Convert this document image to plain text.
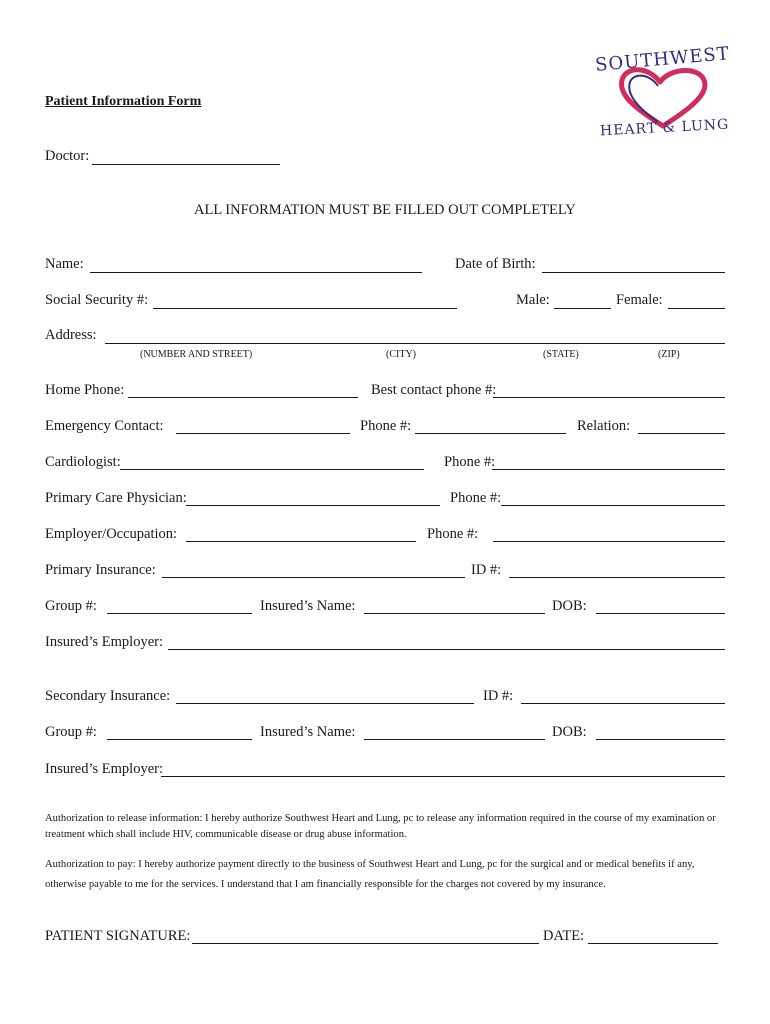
SOUTHWEST
HEART & LUNG
Patient Information Form
Doctor:
ALL INFORMATION MUST BE FILLED OUT COMPLETELY
Name:	Date of Birth:
Social Security #:	Male:	Female:
Address:
(NUMBER AND STREET)	(CITY)	(STATE)	(ZIP)
Home Phone:	Best contact phone #:
Emergency Contact:	Phone #:	Relation:
Cardiologist:	Phone #:
Primary Care Physician:	Phone #:
Employer/Occupation:	Phone #:
Primary Insurance:	ID #:
Group #:	Insured’s Name:	DOB:
Insured’s Employer:
Secondary Insurance:	ID #:
Group #:	Insured’s Name:	DOB:
Insured’s Employer:
Authorization to release information: I hereby authorize Southwest Heart and Lung, pc to release any information required in the course of my examination or
treatment which shall include HIV, communicable disease or drug abuse information.
Authorization to pay: I hereby authorize payment directly to the business of Southwest Heart and Lung, pc for the surgical and or medical benefits if any,
otherwise payable to me for the services. I understand that I am financially responsible for the charges not covered by my insurance.
PATIENT SIGNATURE:	DATE:
